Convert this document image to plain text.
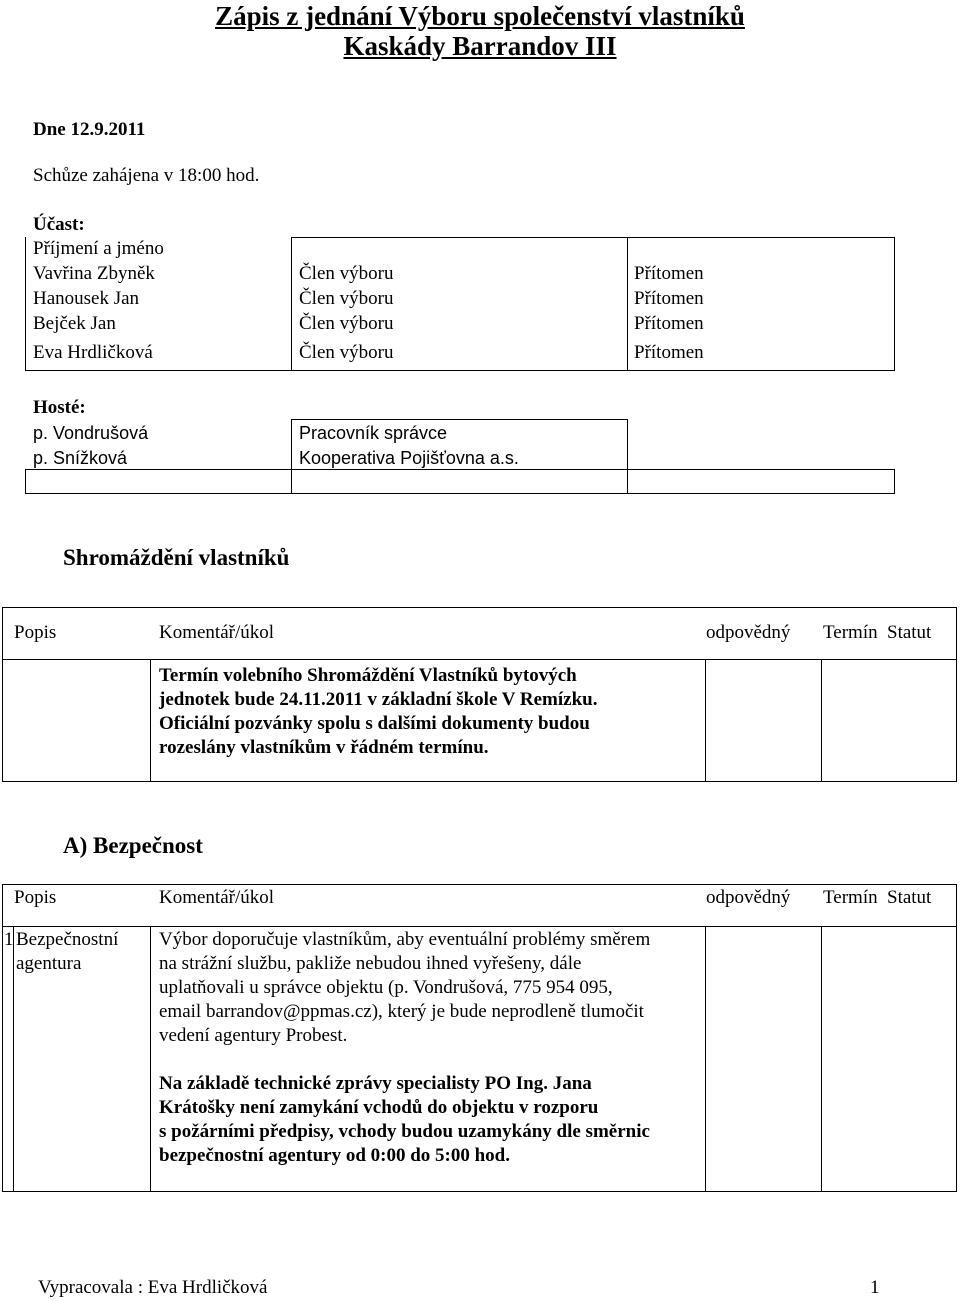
Zápis z jednání Výboru společenství vlastníků
Kaskády Barrandov III
Dne 12.9.2011
Schůze zahájena v 18:00 hod.
Účast:
Příjmení a jméno
Vavřina Zbyněk	Člen výboru	Přítomen
Hanousek Jan	Člen výboru	Přítomen
Bejček Jan	Člen výboru	Přítomen
Eva Hrdličková	Člen výboru	Přítomen
Hosté:
p. Vondrušová	Pracovník správce
p. Snížková	Kooperativa Pojišťovna a.s.
Shromáždění vlastníků
Popis	Komentář/úkol	odpovědný Termín Statut
Termín volebního Shromáždění Vlastníků bytových
jednotek bude 24.11.2011 v základní škole V Remízku.
Oficiální pozvánky spolu s dalšími dokumenty budou
rozeslány vlastníkům v řádném termínu.
A) Bezpečnost
Popis	Komentář/úkol	odpovědný Termín Statut
1 Bezpečnostní
agentura
Výbor doporučuje vlastníkům, aby eventuální problémy směrem
na strážní službu, pakliže nebudou ihned vyřešeny, dále
uplatňovali u správce objektu (p. Vondrušová, 775 954 095,
email barrandov@ppmas.cz), který je bude neprodleně tlumočit
vedení agentury Probest.
Na základě technické zprávy specialisty PO Ing. Jana
Krátošky není zamykání vchodů do objektu v rozporu
s požárními předpisy, vchody budou uzamykány dle směrnic
bezpečnostní agentury od 0:00 do 5:00 hod.
Vypracovala : Eva Hrdličková	1
